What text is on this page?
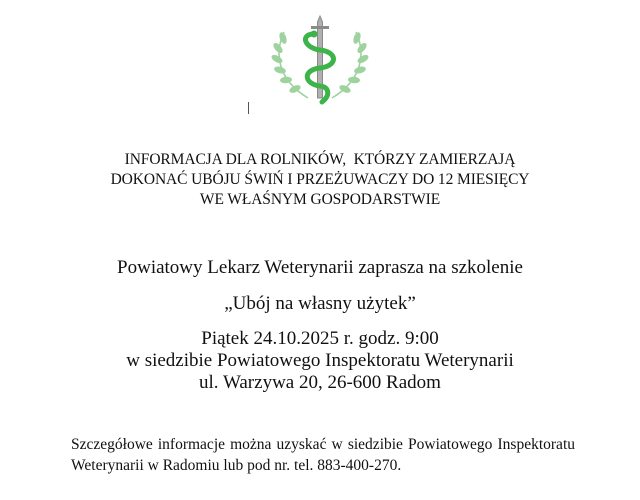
INFORMACJA DLA ROLNIKÓW,  KTÓRZY ZAMIERZAJĄ
DOKONAĆ UBÓJU ŚWIŃ I PRZEŻUWACZY DO 12 MIESIĘCY
WE WŁAŚNYM GOSPODARSTWIE
Powiatowy Lekarz Weterynarii zaprasza na szkolenie
„Ubój na własny użytek”
Piątek 24.10.2025 r. godz. 9:00
w siedzibie Powiatowego Inspektoratu Weterynarii
ul. Warzywa 20, 26-600 Radom
Szczegółowe informacje można uzyskać w siedzibie Powiatowego Inspektoratu Weterynarii w Radomiu lub pod nr. tel. 883-400-270.
